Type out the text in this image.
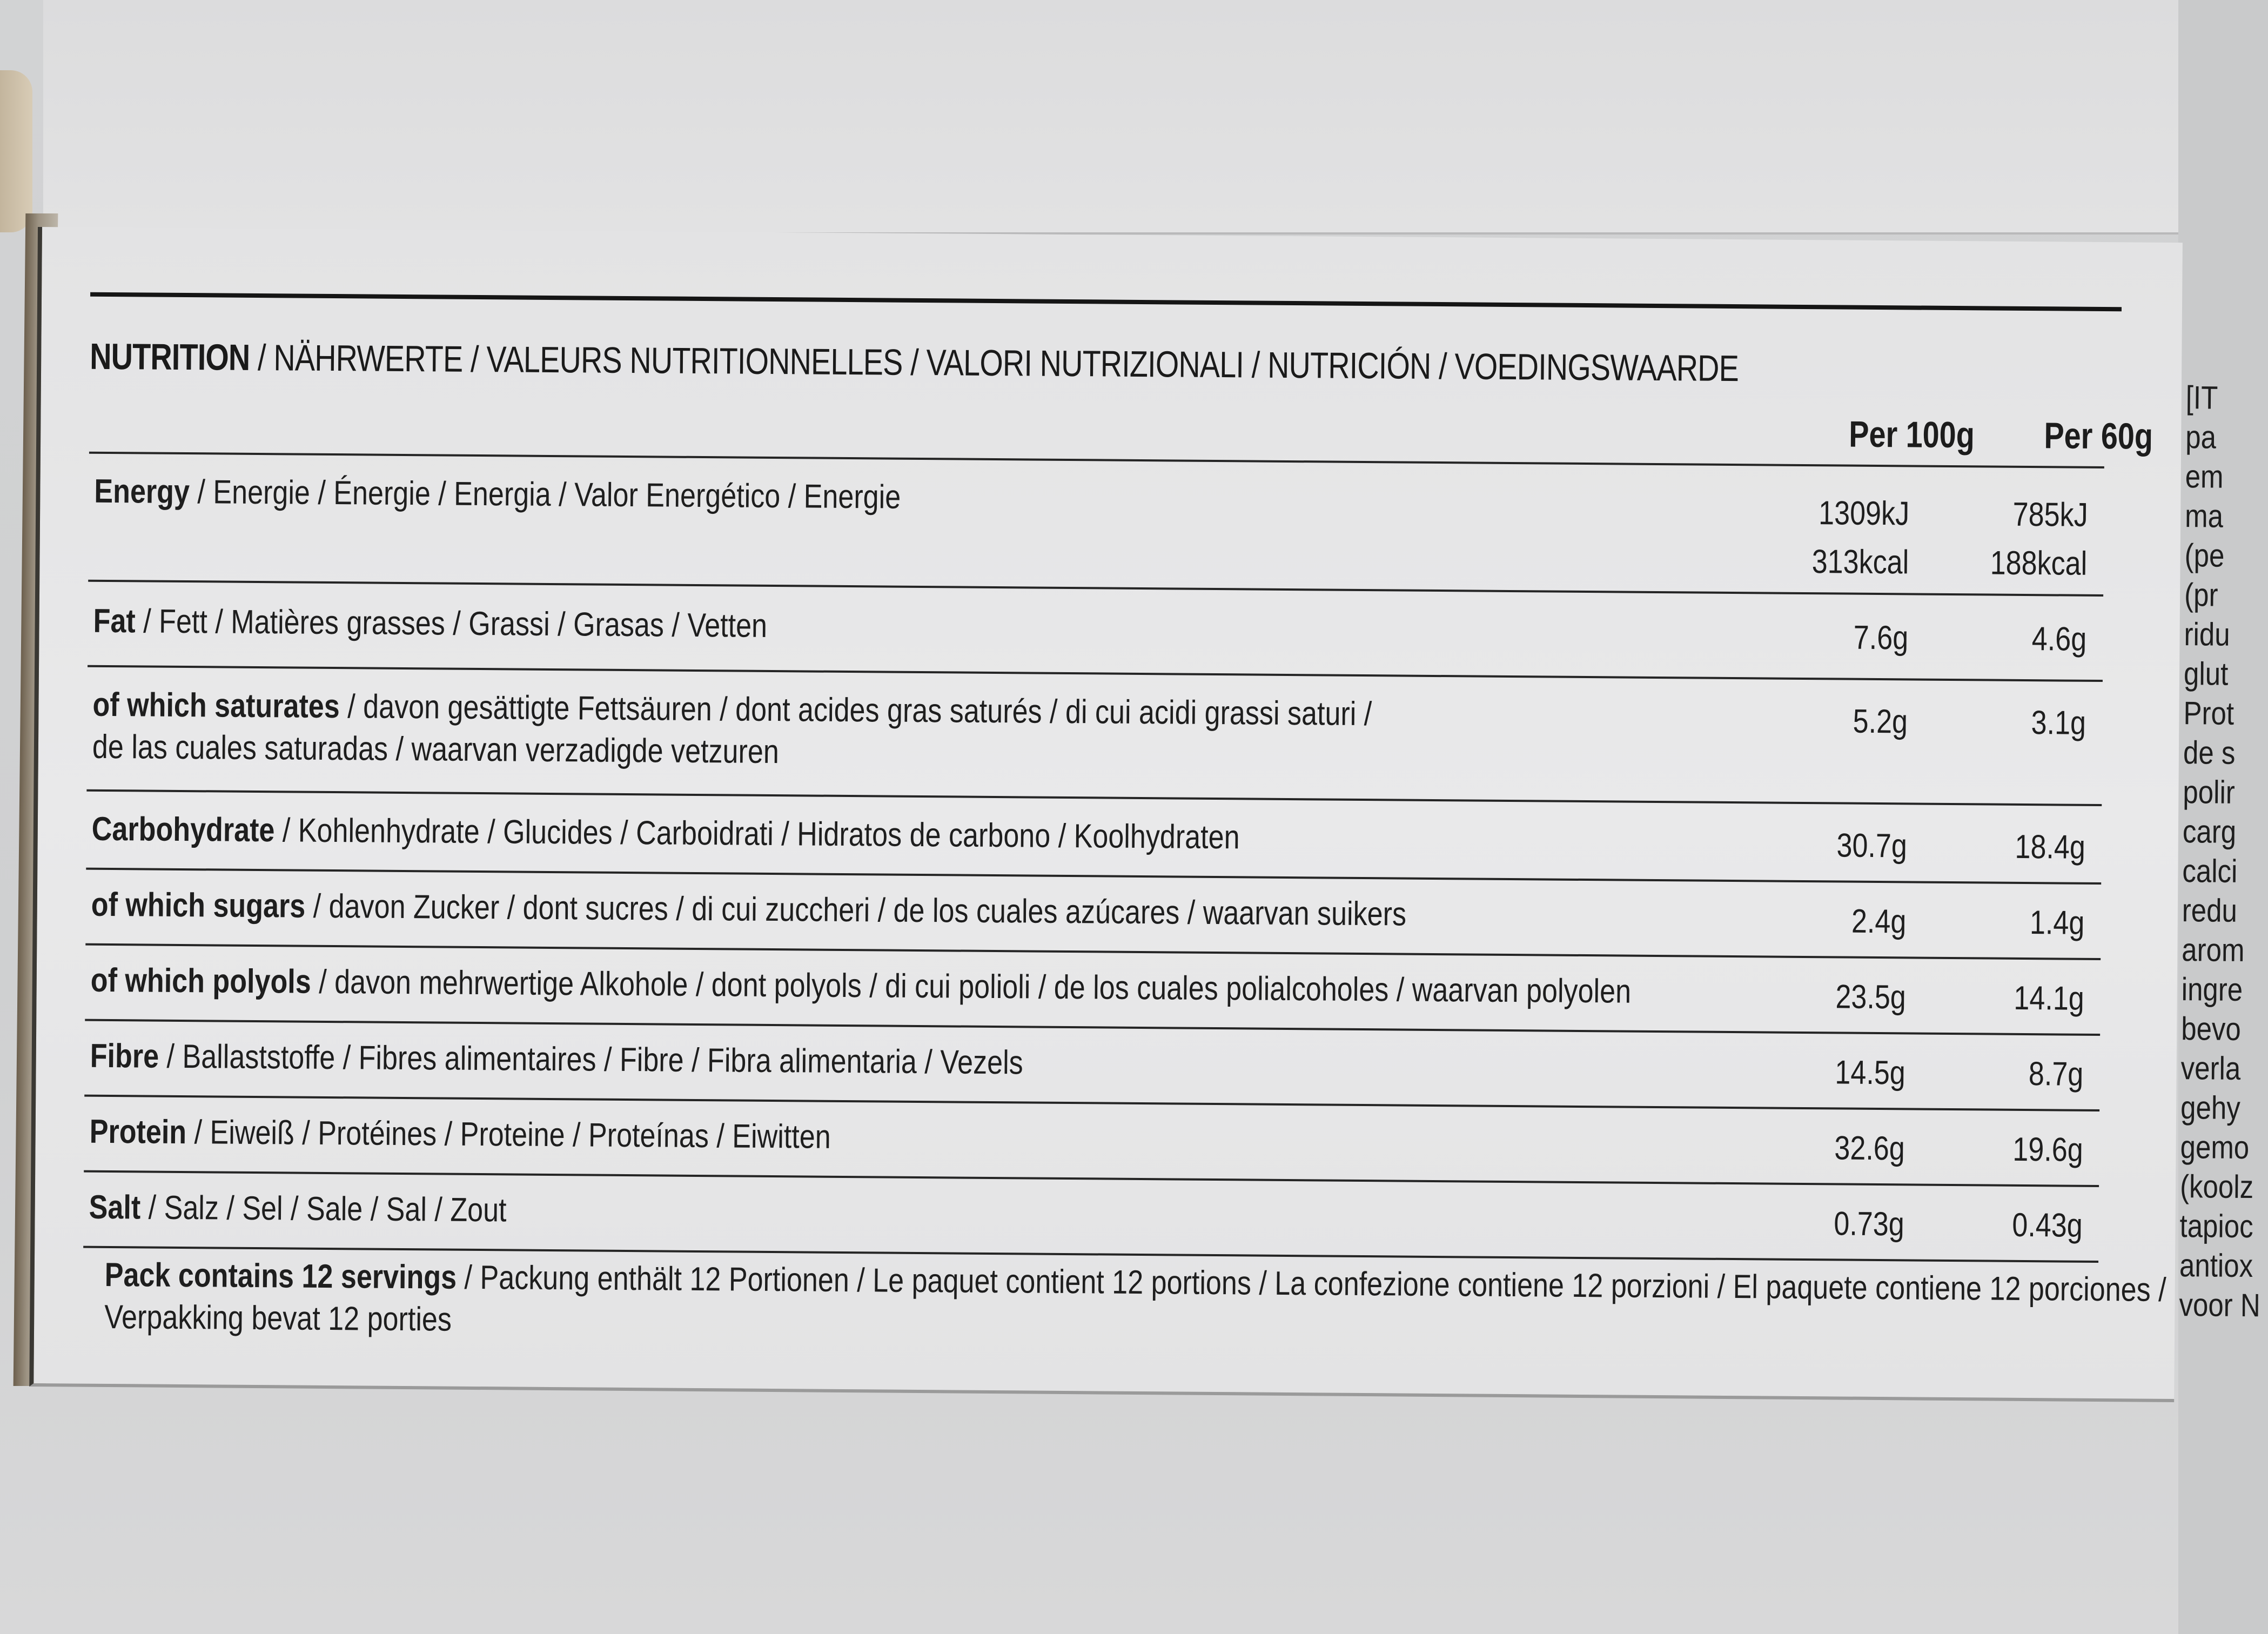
NUTRITION / NÄHRWERTE / VALEURS NUTRITIONNELLES / VALORI NUTRIZIONALI / NUTRICIÓN / VOEDINGSWAARDE
Per 100g Per 60g
Energy / Energie / Énergie / Energia / Valor Energético / Energie	1309kJ	785kJ
313kcal 188kcal
Fat / Fett / Matières grasses / Grassi / Grasas / Vetten	7.6g	4.6g
of which saturates / davon gesättigte Fettsäuren / dont acides gras saturés / di cui acidi grassi saturi /
de las cuales saturadas / waarvan verzadigde vetzuren
5.2g	3.1g
Carbohydrate / Kohlenhydrate / Glucides / Carboidrati / Hidratos de carbono / Koolhydraten	30.7g	18.4g
of which sugars / davon Zucker / dont sucres / di cui zuccheri / de los cuales azúcares / waarvan suikers	2.4g	1.4g
of which polyols / davon mehrwertige Alkohole / dont polyols / di cui polioli / de los cuales polialcoholes / waarvan polyolen	23.5g	14.1g
Fibre / Ballaststoffe / Fibres alimentaires / Fibre / Fibra alimentaria / Vezels	14.5g	8.7g
Protein / Eiweiß / Protéines / Proteine / Proteínas / Eiwitten	32.6g	19.6g
Salt / Salz / Sel / Sale / Sal / Zout	0.73g	0.43g
Pack contains 12 servings / Packung enthält 12 Portionen / Le paquet contient 12 portions / La confezione contiene 12 porzioni / El paquete contiene 12 porciones /
Verpakking bevat 12 porties
[IT
pa
em
ma
(pe
(pr
ridu
glut
Prot
de s
polir
carg
calci
redu
arom
ingre
bevo
verla
gehy
gemo
(koolz
tapioc
antiox
voor N
